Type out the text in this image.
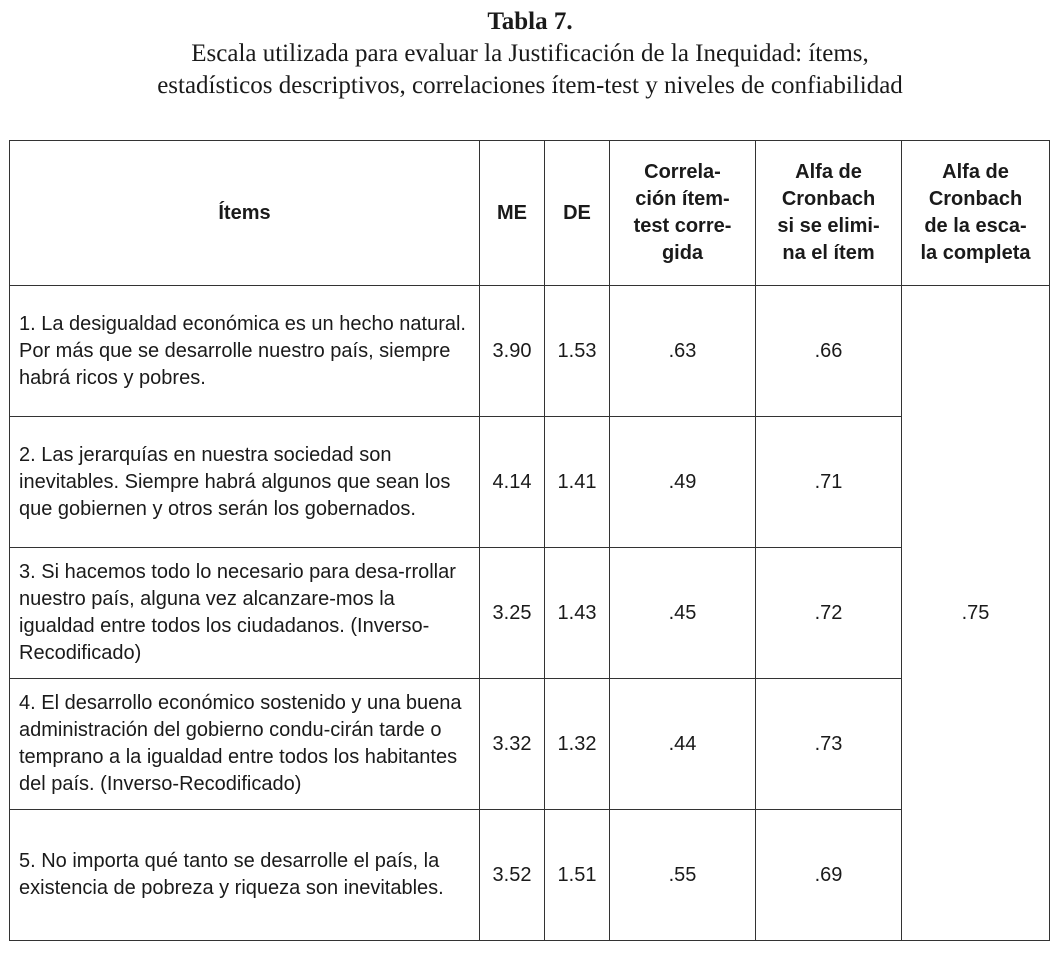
Tabla 7.
Escala utilizada para evaluar la Justificación de la Inequidad: ítems,
estadísticos descriptivos, correlaciones ítem-test y niveles de confiabilidad
Ítems	ME	DE	Correla-
ción ítem-
test corre-
gida	Alfa de
Cronbach
si se elimi-
na el ítem	Alfa de
Cronbach
de la esca-
la completa

1. La desigualdad económica es un hecho natural. Por más que se desarrolle nuestro país, siempre habrá ricos y pobres.	3.90	1.53	.63	.66	.75
2. Las jerarquías en nuestra sociedad son inevitables. Siempre habrá algunos que sean los que gobiernen y otros serán los gobernados.	4.14	1.41	.49	.71	
3. Si hacemos todo lo necesario para desa-rrollar nuestro país, alguna vez alcanzare-mos la igualdad entre todos los ciudadanos. (Inverso- Recodificado)	3.25	1.43	.45	.72	
4. El desarrollo económico sostenido y una buena administración del gobierno condu-cirán tarde o temprano a la igualdad entre todos los habitantes del país. (Inverso-Recodificado)	3.32	1.32	.44	.73	
5. No importa qué tanto se desarrolle el país, la existencia de pobreza y riqueza son inevitables.	3.52	1.51	.55	.69	
